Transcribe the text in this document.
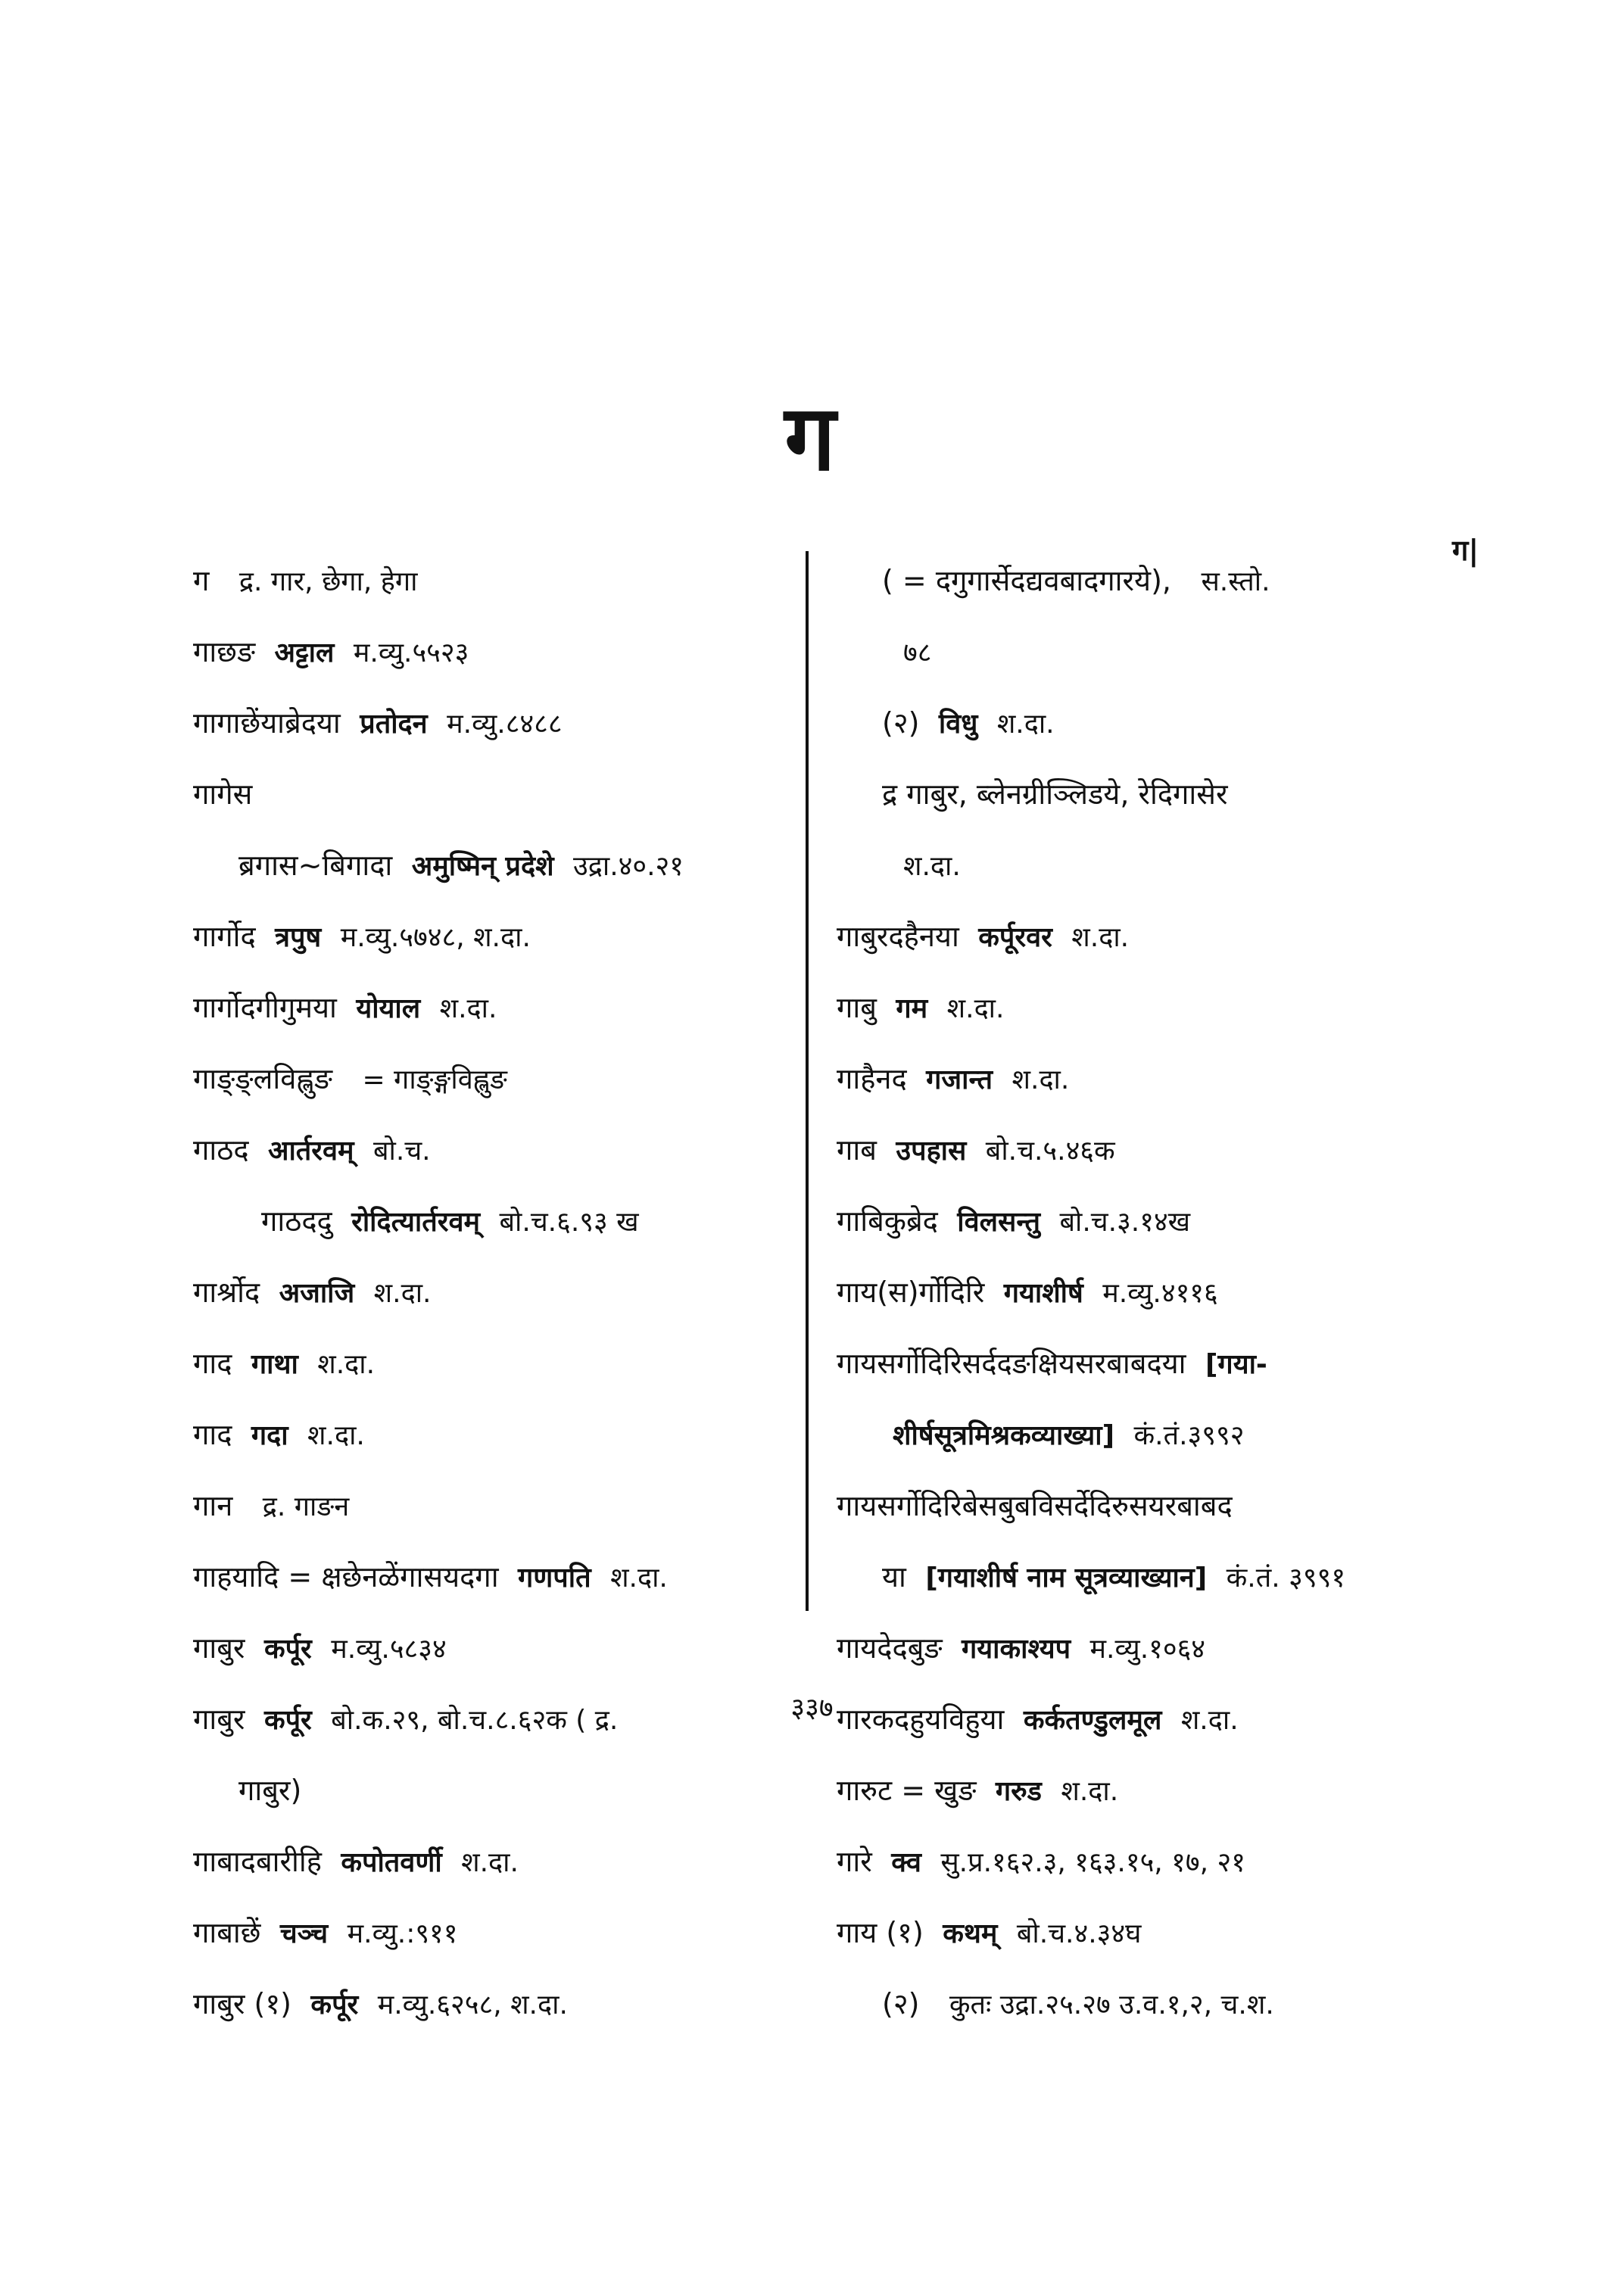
ग
ग|
ग द्र. गार, छेगा, हेगा
गाछङ अट्टाल म.व्यु.५५२३
गागाछेंयाब्रेदया प्रतोदन म.व्यु.८४८८
गागेस
ब्रगास~बिगादा अमुष्मिन् प्रदेशे उद्रा.४०.२१
गार्गोद त्रपुष म.व्यु.५७४८, श.दा.
गार्गोदगीगुमया योयाल श.दा.
गाङ्ङ्लविह्लुङ = गाङ्ङ्गविह्लुङ
गाठद आर्तरवम् बो.च.
गाठददु रोदित्यार्तरवम् बो.च.६.९३ ख
गार्श्रोद अजाजि श.दा.
गाद गाथा श.दा.
गाद गदा श.दा.
गान द्र. गाङन
गाहयादि = क्षछेनळेंगासयदगा गणपति श.दा.
गाबुर कर्पूर म.व्यु.५८३४
गाबुर कर्पूर बो.क.२९, बो.च.८.६२क ( द्र.
गाबुर)
गाबादबारीहि कपोतवर्णी श.दा.
गाबाछें चञ्च म.व्यु.:९११
गाबुर (१) कर्पूर म.व्यु.६२५८, श.दा.
( = दगुगार्सेदद्यवबादगारये), स.स्तो.
७८
(२) विधु श.दा.
द्र गाबुर, ब्लेनग्रीञ्लिडये, रेदिगासेर
श.दा.
गाबुरदहैनया कर्पूरवर श.दा.
गाबु गम श.दा.
गाहैनद गजान्त श.दा.
गाब उपहास बो.च.५.४६क
गाबिकुब्रेद विलसन्तु बो.च.३.१४ख
गाय(स)र्गोदिरि गयाशीर्ष म.व्यु.४११६
गायसर्गोदिरिसर्ददङक्षियसरबाबदया [गया-
शीर्षसूत्रमिश्रकव्याख्या] कं.तं.३९९२
गायसर्गोदिरिबेसबुबविसर्देदिरुसयरबाबद
या [गयाशीर्ष नाम सूत्रव्याख्यान] कं.तं. ३९९१
गायदेदबुङ गयाकाश्यप म.व्यु.१०६४
गारकदहुयविहुया कर्कतण्डुलमूल श.दा.
गारुट = खुङ गरुड श.दा.
गारे क्व सु.प्र.१६२.३, १६३.१५, १७, २१
गाय (१) कथम् बो.च.४.३४घ
(२) कुतः उद्रा.२५.२७ उ.व.१,२, च.श.
३३७
